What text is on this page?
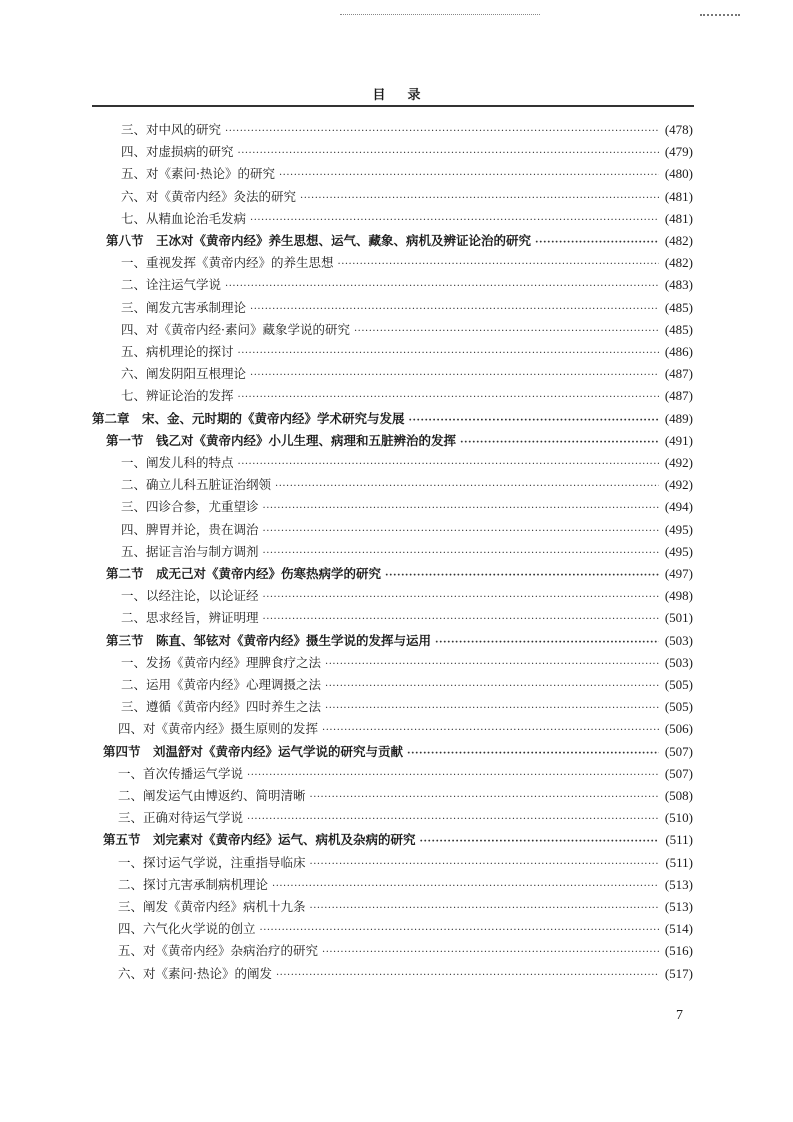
目录
三、对中风的研究 ·····	(478)
四、对虚损病的研究 ·····	(479)
五、对《素问·热论》的研究 ·····	(480)
六、对《黄帝内经》灸法的研究 ·····	(481)
七、从精血论治毛发病 ·····	(481)
第八节　王冰对《黄帝内经》养生思想、运气、藏象、病机及辨证论治的研究 ·····	(482)
一、重视发挥《黄帝内经》的养生思想 ·····	(482)
二、诠注运气学说 ·····	(483)
三、阐发亢害承制理论 ·····	(485)
四、对《黄帝内经·素问》藏象学说的研究 ·····	(485)
五、病机理论的探讨 ·····	(486)
六、阐发阴阳互根理论 ·····	(487)
七、辨证论治的发挥 ·····	(487)
第二章　宋、金、元时期的《黄帝内经》学术研究与发展 ·····	(489)
第一节　钱乙对《黄帝内经》小儿生理、病理和五脏辨治的发挥 ·····	(491)
一、阐发儿科的特点 ·····	(492)
二、确立儿科五脏证治纲领 ·····	(492)
三、四诊合参，尤重望诊 ·····	(494)
四、脾胃并论，贵在调治 ·····	(495)
五、据证言治与制方调剂 ·····	(495)
第二节　成无己对《黄帝内经》伤寒热病学的研究 ·····	(497)
一、以经注论，以论证经 ·····	(498)
二、思求经旨，辨证明理 ·····	(501)
第三节　陈直、邹铉对《黄帝内经》摄生学说的发挥与运用 ·····	(503)
一、发扬《黄帝内经》理脾食疗之法 ·····	(503)
二、运用《黄帝内经》心理调摄之法 ·····	(505)
三、遵循《黄帝内经》四时养生之法 ·····	(505)
四、对《黄帝内经》摄生原则的发挥 ·····	(506)
第四节　刘温舒对《黄帝内经》运气学说的研究与贡献 ·····	(507)
一、首次传播运气学说 ·····	(507)
二、阐发运气由博返约、简明清晰 ·····	(508)
三、正确对待运气学说 ·····	(510)
第五节　刘完素对《黄帝内经》运气、病机及杂病的研究 ·····	(511)
一、探讨运气学说，注重指导临床 ·····	(511)
二、探讨亢害承制病机理论 ·····	(513)
三、阐发《黄帝内经》病机十九条 ·····	(513)
四、六气化火学说的创立 ·····	(514)
五、对《黄帝内经》杂病治疗的研究 ·····	(516)
六、对《素问·热论》的阐发 ·····	(517)
7
